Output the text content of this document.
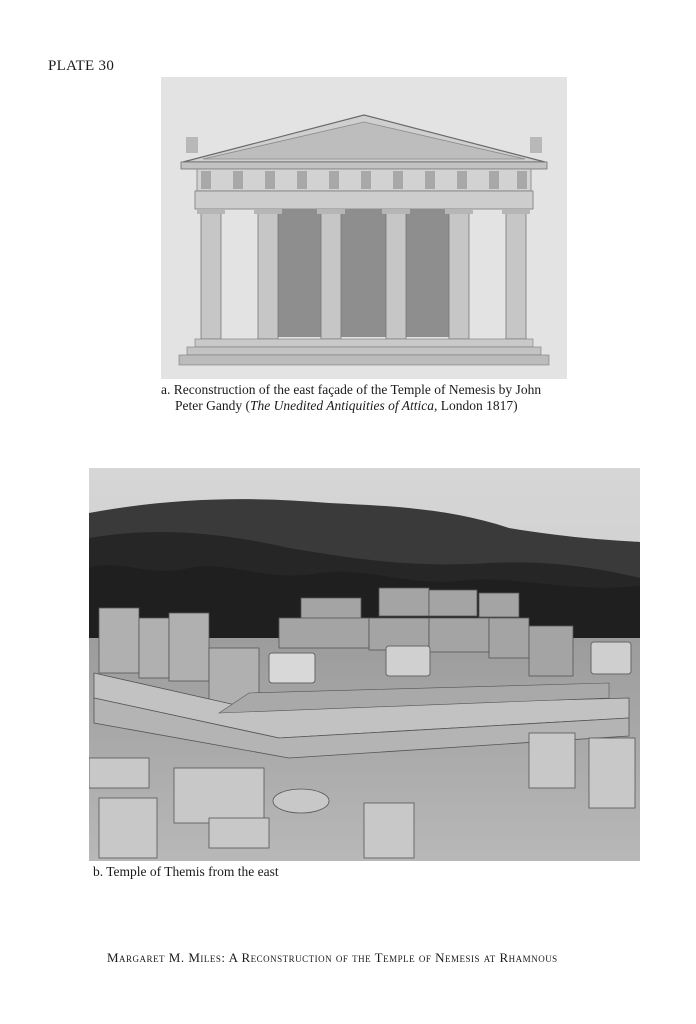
PLATE 30
a. Reconstruction of the east façade of the Temple of Nemesis by John
Peter Gandy (The Unedited Antiquities of Attica, London 1817)
b. Temple of Themis from the east
Margaret M. Miles: A Reconstruction of the Temple of Nemesis at Rhamnous
